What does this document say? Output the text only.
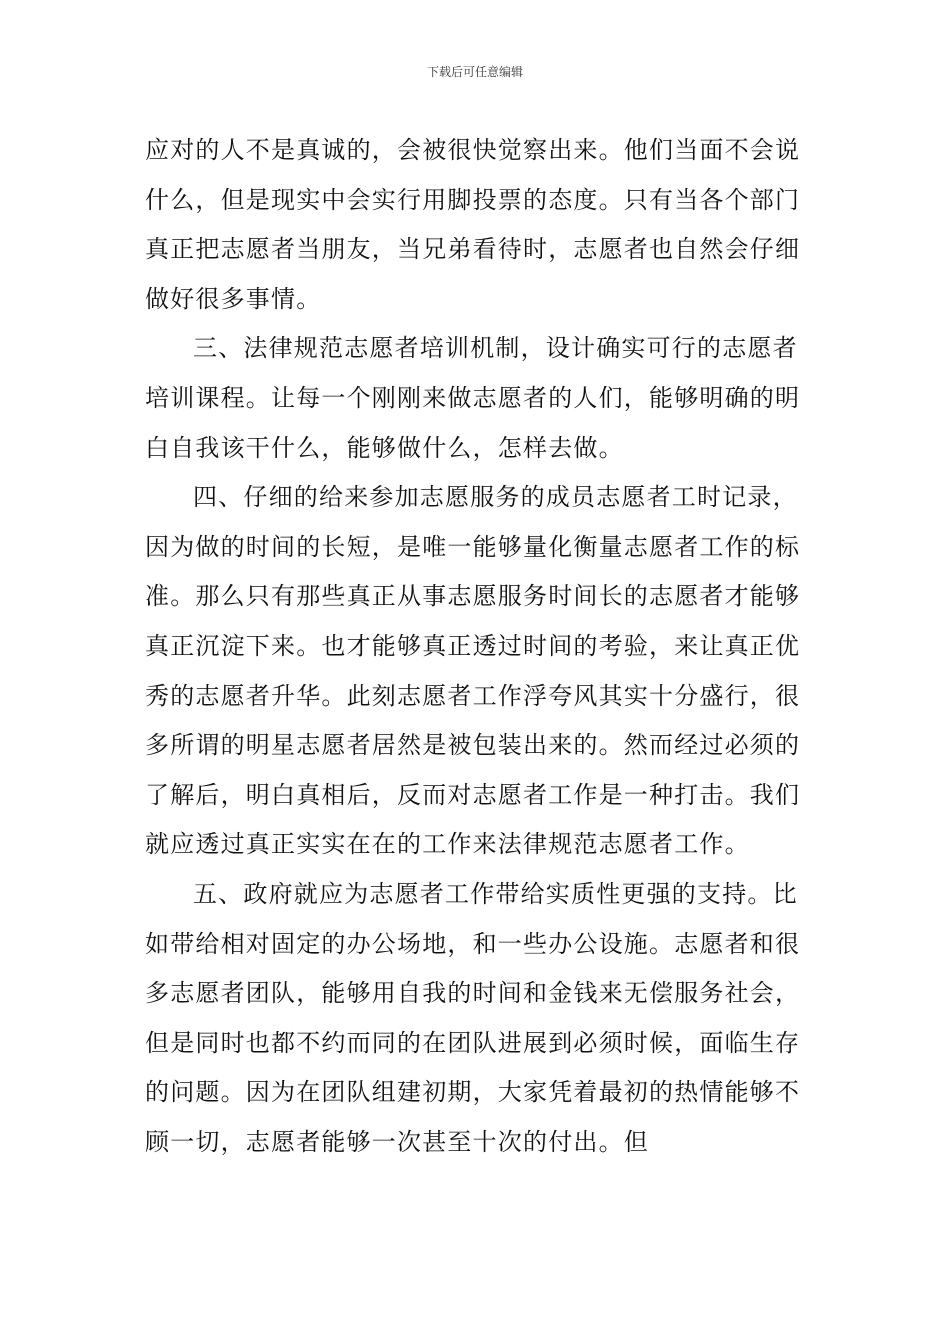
下载后可任意编辑

应对的人不是真诚的，会被很快觉察出来。他们当面不会说什么，但是现实中会实行用脚投票的态度。只有当各个部门真正把志愿者当朋友，当兄弟看待时，志愿者也自然会仔细做好很多事情。

三、法律规范志愿者培训机制，设计确实可行的志愿者培训课程。让每一个刚刚来做志愿者的人们，能够明确的明白自我该干什么，能够做什么，怎样去做。

四、仔细的给来参加志愿服务的成员志愿者工时记录，因为做的时间的长短，是唯一能够量化衡量志愿者工作的标准。那么只有那些真正从事志愿服务时间长的志愿者才能够真正沉淀下来。也才能够真正透过时间的考验，来让真正优秀的志愿者升华。此刻志愿者工作浮夸风其实十分盛行，很多所谓的明星志愿者居然是被包装出来的。然而经过必须的了解后，明白真相后，反而对志愿者工作是一种打击。我们就应透过真正实实在在的工作来法律规范志愿者工作。

五、政府就应为志愿者工作带给实质性更强的支持。比如带给相对固定的办公场地，和一些办公设施。志愿者和很多志愿者团队，能够用自我的时间和金钱来无偿服务社会，但是同时也都不约而同的在团队进展到必须时候，面临生存的问题。因为在团队组建初期，大家凭着最初的热情能够不顾一切，志愿者能够一次甚至十次的付出。但
